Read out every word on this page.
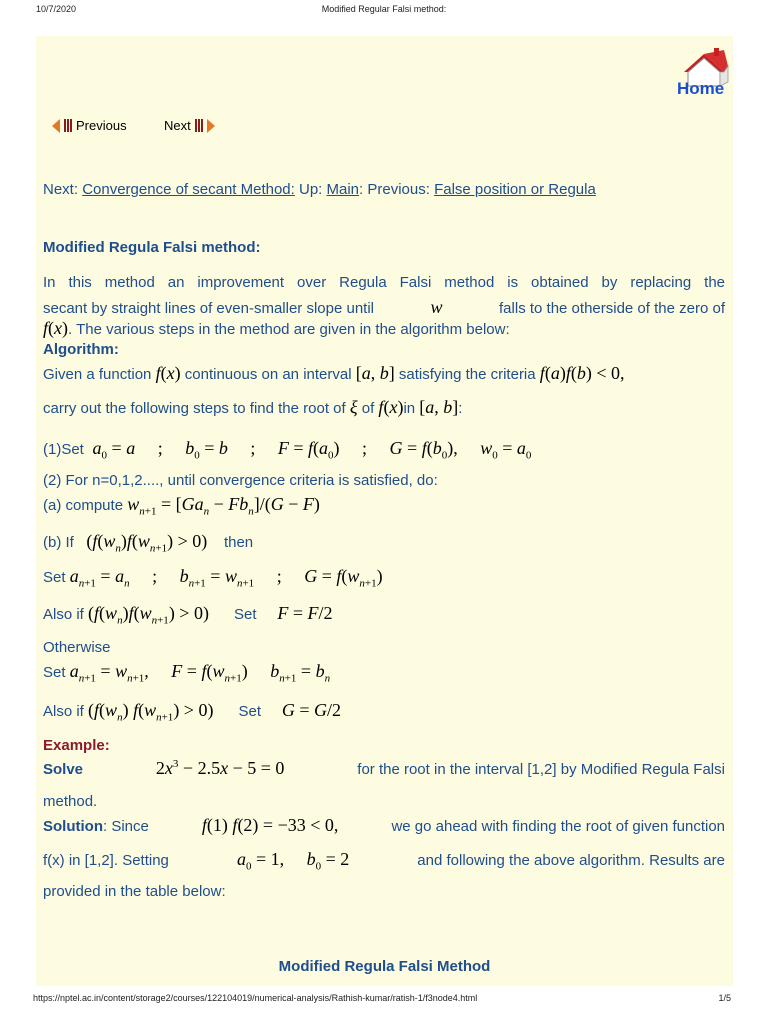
10/7/2020	Modified Regular Falsi method:
Home
Previous	Next
Next: Convergence of secant Method: Up: Main: Previous: False position or Regula
Modified Regula Falsi method:
In this method an improvement over Regula Falsi method is obtained by replacing the
secant by straight lines of even-smaller slope until	w	falls to the otherside of the zero of
f(x). The various steps in the method are given in the algorithm below:
Algorithm:
Given a function f(x) continuous on an interval [a, b] satisfying the criteria f(a)f(b) < 0,
carry out the following steps to find the root of ξ of f(x)in [a, b]:
(1)Set $a_0 = a$     ;     $b_0 = b$     ;     $F = f(a_0)$     ;     $G = f(b_0)$,     $w_0 = a_0$
(2) For n=0,1,2...., until convergence criteria is satisfied, do:
(a) compute $w_{n+1} = [Ga_n - Fb_n]/(G - F)$
(b) If $(f(w_n)f(w_{n+1}) > 0)$ then
Set $a_{n+1} = a_n$     ;     $b_{n+1} = w_{n+1}$     ;     $G = f(w_{n+1})$
Also if $(f(w_n)f(w_{n+1}) > 0)$ Set F = F/2
Otherwise
Set $a_{n+1} = w_{n+1}$,     $F = f(w_{n+1})$     $b_{n+1} = b_n$
Also if $(f(w_n) f(w_{n+1}) > 0)$ Set G = G/2
Example:
Solve	$2x^3 - 2.5x - 5 = 0$	for the root in the interval [1,2] by Modified Regula Falsi
method.
Solution: Since	f(1) f(2) = −33 < 0,	we go ahead with finding the root of given function
f(x) in [1,2]. Setting	$a_0 = 1$,     $b_0 = 2$	and following the above algorithm. Results are
provided in the table below:
Modified Regula Falsi Method
https://nptel.ac.in/content/storage2/courses/122104019/numerical-analysis/Rathish-kumar/ratish-1/f3node4.html	1/5
